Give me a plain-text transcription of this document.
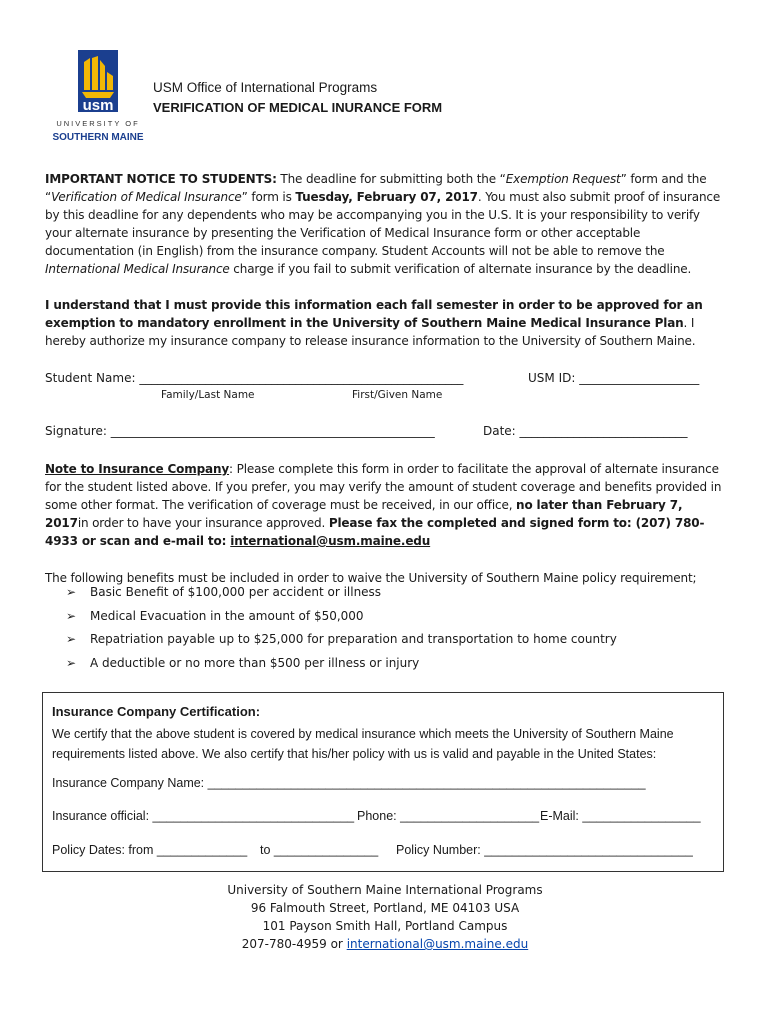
usm
UNIVERSITY OF
SOUTHERN MAINE
USM Office of International Programs
VERIFICATION OF MEDICAL INURANCE FORM

IMPORTANT NOTICE TO STUDENTS: The deadline for submitting both the “Exemption Request” form and the “Verification of Medical Insurance” form is Tuesday, February 07, 2017. You must also submit proof of insurance by this deadline for any dependents who may be accompanying you in the U.S. It is your responsibility to verify your alternate insurance by presenting the Verification of Medical Insurance form or other acceptable documentation (in English) from the insurance company. Student Accounts will not be able to remove the International Medical Insurance charge if you fail to submit verification of alternate insurance by the deadline.

I understand that I must provide this information each fall semester in order to be approved for an exemption to mandatory enrollment in the University of Southern Maine Medical Insurance Plan. I hereby authorize my insurance company to release insurance information to the University of Southern Maine.

Student Name: ______________________________________________________	USM ID: ____________________
Family/Last Name	First/Given Name
Signature: ______________________________________________________	Date: ____________________________

Note to Insurance Company: Please complete this form in order to facilitate the approval of alternate insurance for the student listed above. If you prefer, you may verify the amount of student coverage and benefits provided in some other format. The verification of coverage must be received, in our office, no later than February 7, 2017in order to have your insurance approved. Please fax the completed and signed form to: (207) 780-4933 or scan and e-mail to: international@usm.maine.edu

The following benefits must be included in order to waive the University of Southern Maine policy requirement;
➢	Basic Benefit of $100,000 per accident or illness
➢	Medical Evacuation in the amount of $50,000
➢	Repatriation payable up to $25,000 for preparation and transportation to home country
➢	A deductible or no more than $500 per illness or injury
Insurance Company Certification:
We certify that the above student is covered by medical insurance which meets the University of Southern Maine requirements listed above. We also certify that his/her policy with us is valid and payable in the United States:
Insurance Company Name: _______________________________________________________________
Insurance official: _____________________________ Phone: ____________________ E-Mail: _________________
Policy Dates: from _____________ to _______________ Policy Number: ______________________________
University of Southern Maine International Programs
96 Falmouth Street, Portland, ME 04103 USA
101 Payson Smith Hall, Portland Campus
207-780-4959 or international@usm.maine.edu
